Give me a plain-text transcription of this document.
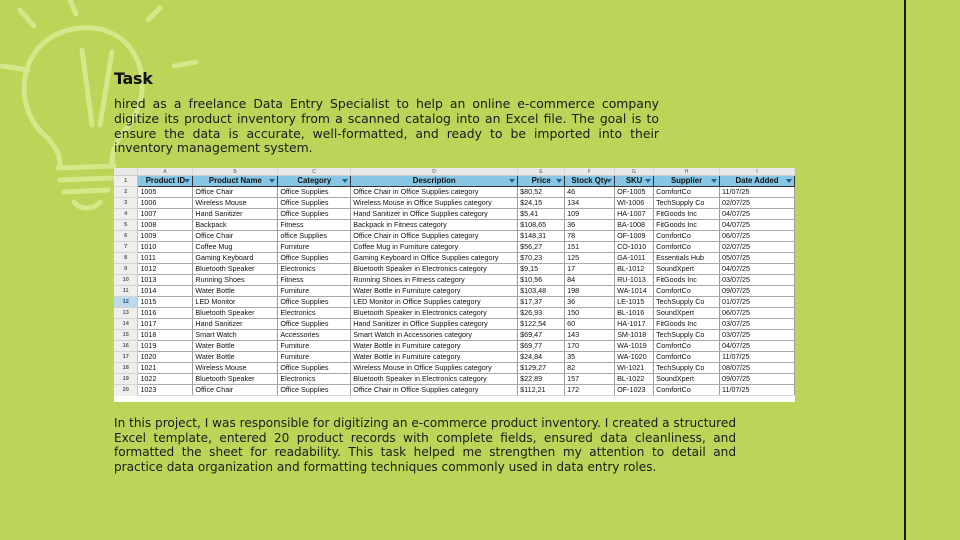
Task
hired as a freelance Data Entry Specialist to help an online e-commerce company digitize its product inventory from a scanned catalog into an Excel file. The goal is to ensure the data is accurate, well-formatted, and ready to be imported into their inventory management system.
A	B	C	D	E	F	G	H	I
1	Product ID	Product Name	Category	Description	Price	Stock Qty	SKU	Supplier	Date Added

2	1005	Office Chair	Office Supplies	Office Chair in Office Supplies category	$80,52	46	OF-1005	ComfortCo	11/07/25
3	1006	Wireless Mouse	Office Supplies	Wireless Mouse in Office Supplies category	$24,15	134	WI-1006	TechSupply Co	02/07/25
4	1007	Hand Sanitizer	Office Supplies	Hand Sanitizer in Office Supplies category	$5,41	109	HA-1007	FitGoods Inc	04/07/25
5	1008	Backpack	Fitness	Backpack in Fitness category	$108,65	36	BA-1008	FitGoods Inc	04/07/25
6	1009	Office Chair	office Supplies	Office Chair in Office Supplies category	$148,31	78	OF-1009	ComfortCo	06/07/25
7	1010	Coffee Mug	Furniture	Coffee Mug in Furniture category	$56,27	151	CO-1010	ComfortCo	02/07/25
8	1011	Gaming Keyboard	Office Supplies	Gaming Keyboard in Office Supplies category	$70,23	125	GA-1011	Essentials Hub	05/07/25
9	1012	Bluetooth Speaker	Electronics	Bluetooth Speaker in Electronics category	$9,15	17	BL-1012	SoundXpert	04/07/25
10	1013	Running Shoes	Fitness	Running Shoes in Fitness category	$10,56	84	RU-1013	FitGoods Inc	03/07/25
11	1014	Water Bottle	Furniture	Water Bottle in Furniture category	$103,48	198	WA-1014	ComfortCo	09/07/25
12	1015	LED Monitor	Office Supplies	LED Monitor in Office Supplies category	$17,37	36	LE-1015	TechSupply Co	01/07/25
13	1016	Bluetooth Speaker	Electronics	Bluetooth Speaker in Electronics category	$26,93	150	BL-1016	SoundXpert	06/07/25
14	1017	Hand Sanitizer	Office Supplies	Hand Sanitizer in Office Supplies category	$122,54	60	HA-1017	FitGoods Inc	03/07/25
15	1018	Smart Watch	Accessories	Smart Watch in Accessories category	$69,47	143	SM-1018	TechSupply Co	03/07/25
16	1019	Water Bottle	Furniture	Water Bottle in Furniture category	$69,77	170	WA-1019	ComfortCo	04/07/25
17	1020	Water Bottle	Furniture	Water Bottle in Furniture category	$24,84	35	WA-1020	ComfortCo	11/07/25
18	1021	Wireless Mouse	Office Supplies	Wireless Mouse in Office Supplies category	$129,27	82	WI-1021	TechSupply Co	08/07/25
19	1022	Bluetooth Speaker	Electronics	Bluetooth Speaker in Electronics category	$22,89	157	BL-1022	SoundXpert	09/07/25
20	1023	Office Chair	Office Supplies	Office Chair in Office Supplies category	$112,21	172	OF-1023	ComfortCo	11/07/25
In this project, I was responsible for digitizing an e-commerce product inventory. I created a structured Excel template, entered 20 product records with complete fields, ensured data cleanliness, and formatted the sheet for readability. This task helped me strengthen my attention to detail and practice data organization and formatting techniques commonly used in data entry roles.
